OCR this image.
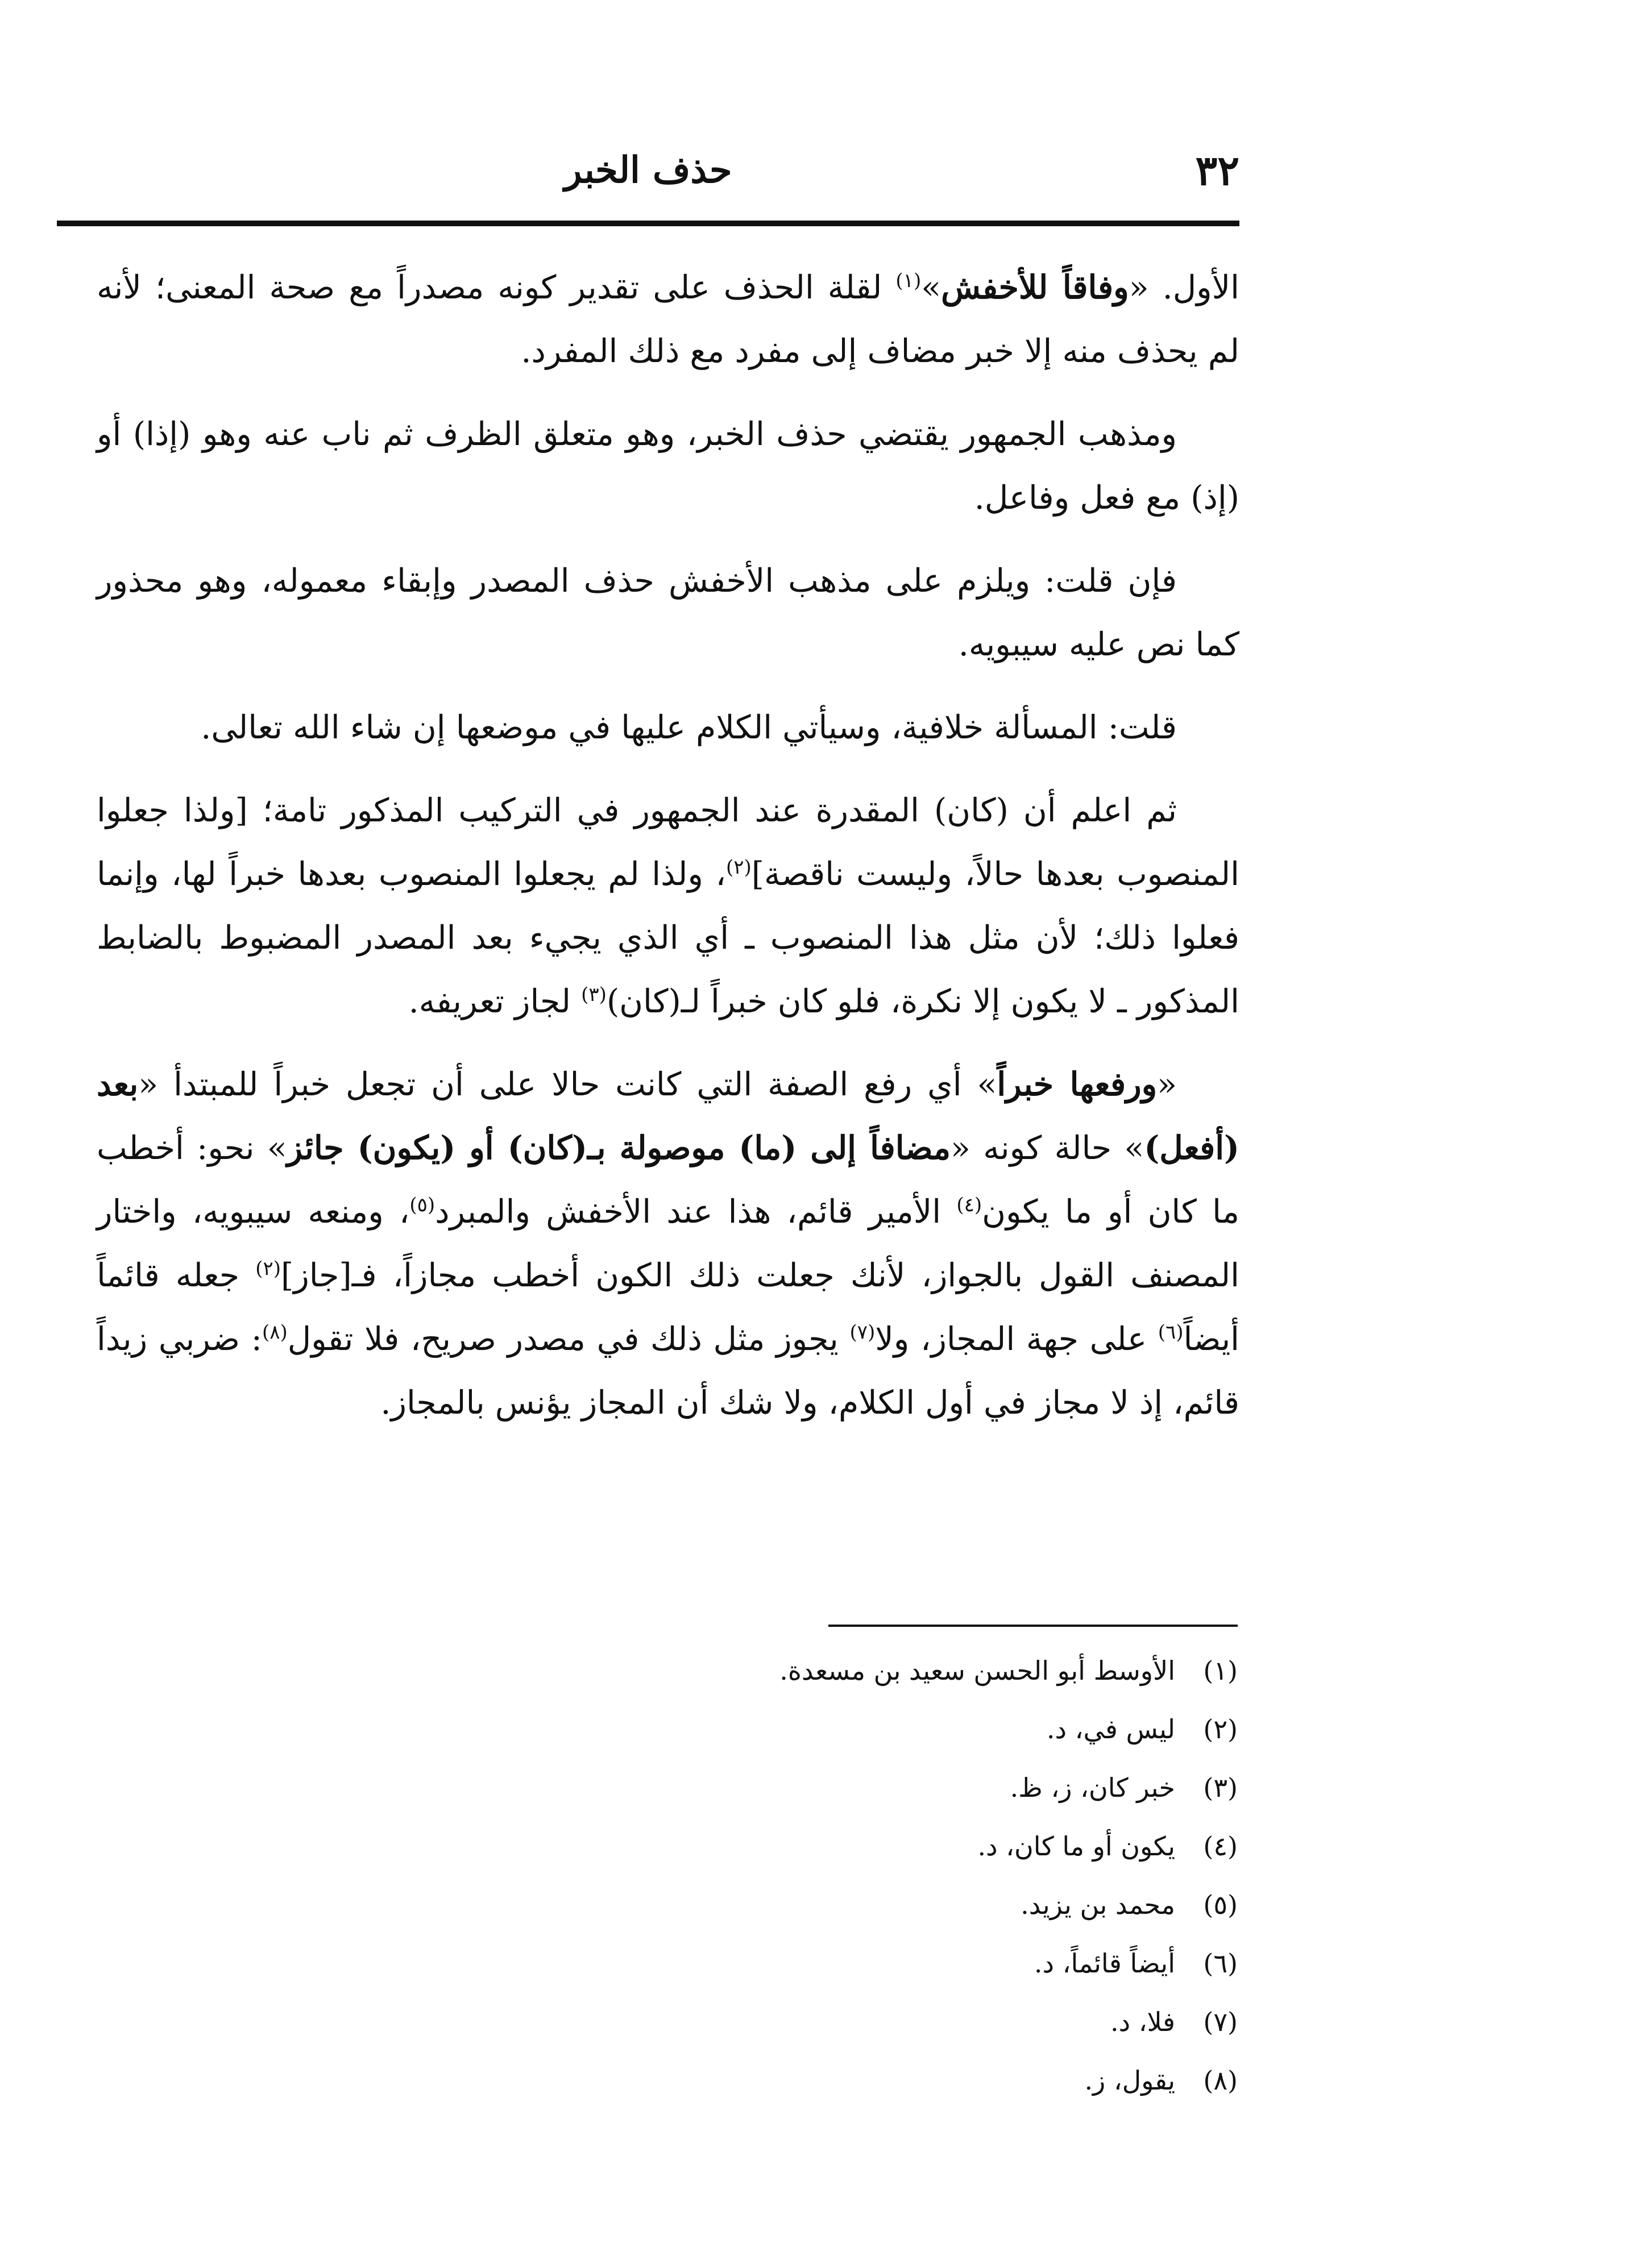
٣٢
حذف الخبر

الأول. «وفاقاً للأخفش»$^{(١)}$ لقلة الحذف على تقدير كونه مصدراً مع صحة المعنى؛ لأنه لم يحذف منه إلا خبر مضاف إلى مفرد مع ذلك المفرد.

ومذهب الجمهور يقتضي حذف الخبر، وهو متعلق الظرف ثم ناب عنه وهو (إذا) أو (إذ) مع فعل وفاعل.

فإن قلت: ويلزم على مذهب الأخفش حذف المصدر وإبقاء معموله، وهو محذور كما نص عليه سيبويه.

قلت: المسألة خلافية، وسيأتي الكلام عليها في موضعها إن شاء الله تعالى.

ثم اعلم أن (كان) المقدرة عند الجمهور في التركيب المذكور تامة؛ [ولذا جعلوا المنصوب بعدها حالاً، وليست ناقصة]$^{(٢)}$، ولذا لم يجعلوا المنصوب بعدها خبراً لها، وإنما فعلوا ذلك؛ لأن مثل هذا المنصوب ـ أي الذي يجيء بعد المصدر المضبوط بالضابط المذكور ـ لا يكون إلا نكرة، فلو كان خبراً لـ(كان)$^{(٣)}$ لجاز تعريفه.

«ورفعها خبراً» أي رفع الصفة التي كانت حالا على أن تجعل خبراً للمبتدأ «بعد (أفعل)» حالة كونه «مضافاً إلى (ما) موصولة بـ(كان) أو (يكون) جائز» نحو: أخطب ما كان أو ما يكون$^{(٤)}$ الأمير قائم، هذا عند الأخفش والمبرد$^{(٥)}$، ومنعه سيبويه، واختار المصنف القول بالجواز، لأنك جعلت ذلك الكون أخطب مجازاً، فـ[جاز]$^{(٢)}$ جعله قائماً أيضاً$^{(٦)}$ على جهة المجاز، ولا$^{(٧)}$ يجوز مثل ذلك في مصدر صريح، فلا تقول$^{(٨)}$: ضربي زيداً قائم، إذ لا مجاز في أول الكلام، ولا شك أن المجاز يؤنس بالمجاز.

(١)
الأوسط أبو الحسن سعيد بن مسعدة.
(٢)
ليس في، د.
(٣)
خبر كان، ز، ظ.
(٤)
يكون أو ما كان، د.
(٥)
محمد بن يزيد.
(٦)
أيضاً قائماً، د.
(٧)
فلا، د.
(٨)
يقول، ز.
